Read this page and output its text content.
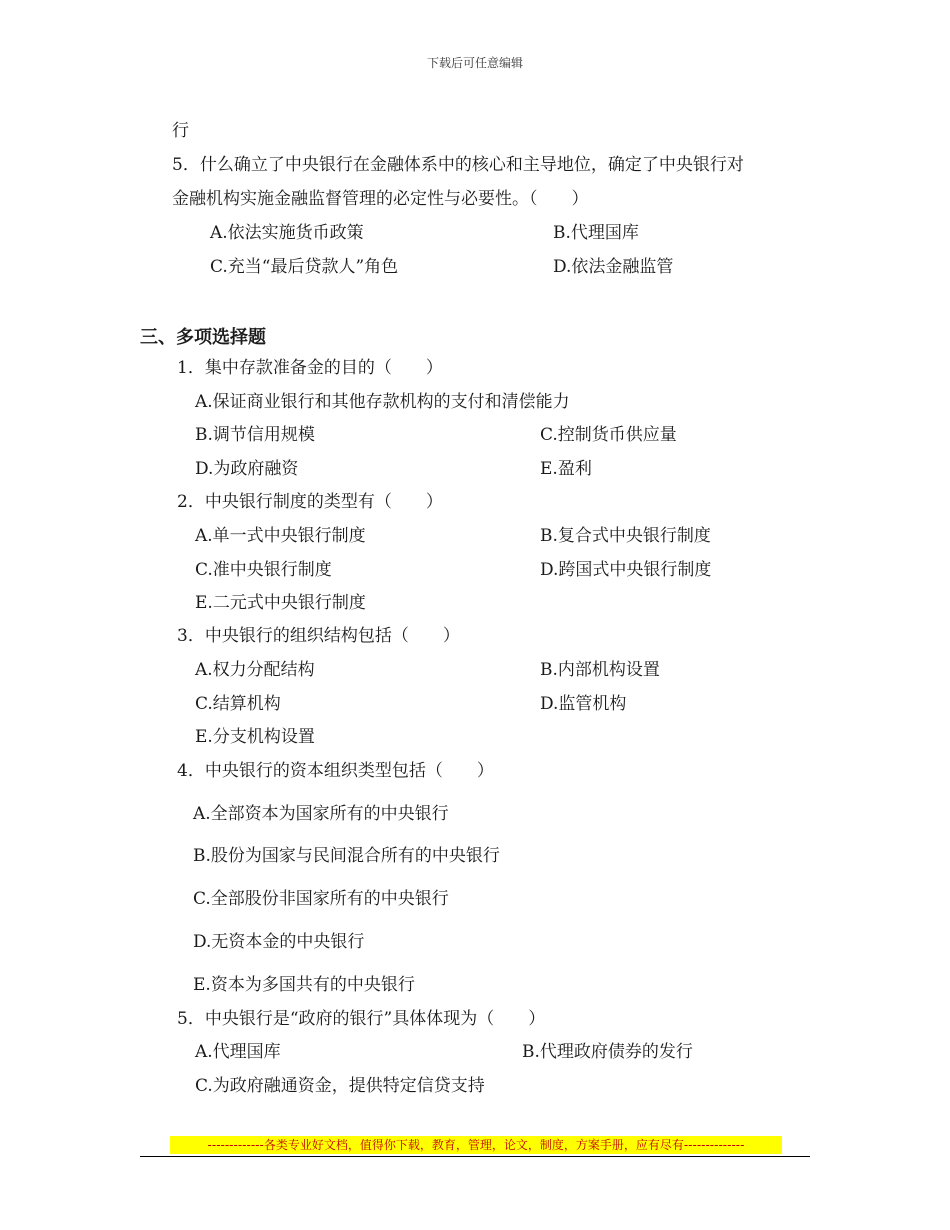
下载后可任意编辑
行
5．什么确立了中央银行在金融体系中的核心和主导地位，确定了中央银行对
金融机构实施金融监督管理的必定性与必要性。（　　）
A.依法实施货币政策	B.代理国库
C.充当“最后贷款人”角色	D.依法金融监管
三、多项选择题
1．集中存款准备金的目的（　　）
A.保证商业银行和其他存款机构的支付和清偿能力
B.调节信用规模	C.控制货币供应量
D.为政府融资	E.盈利
2．中央银行制度的类型有（　　）
A.单一式中央银行制度	B.复合式中央银行制度
C.准中央银行制度	D.跨国式中央银行制度
E.二元式中央银行制度
3．中央银行的组织结构包括（　　）
A.权力分配结构	B.内部机构设置
C.结算机构	D.监管机构
E.分支机构设置
4．中央银行的资本组织类型包括（　　）
A.全部资本为国家所有的中央银行
B.股份为国家与民间混合所有的中央银行
C.全部股份非国家所有的中央银行
D.无资本金的中央银行
E.资本为多国共有的中央银行
5．中央银行是“政府的银行”具体体现为（　　）
A.代理国库	B.代理政府债券的发行
C.为政府融通资金，提供特定信贷支持
-------------各类专业好文档，值得你下载，教育，管理，论文，制度，方案手册，应有尽有--------------
